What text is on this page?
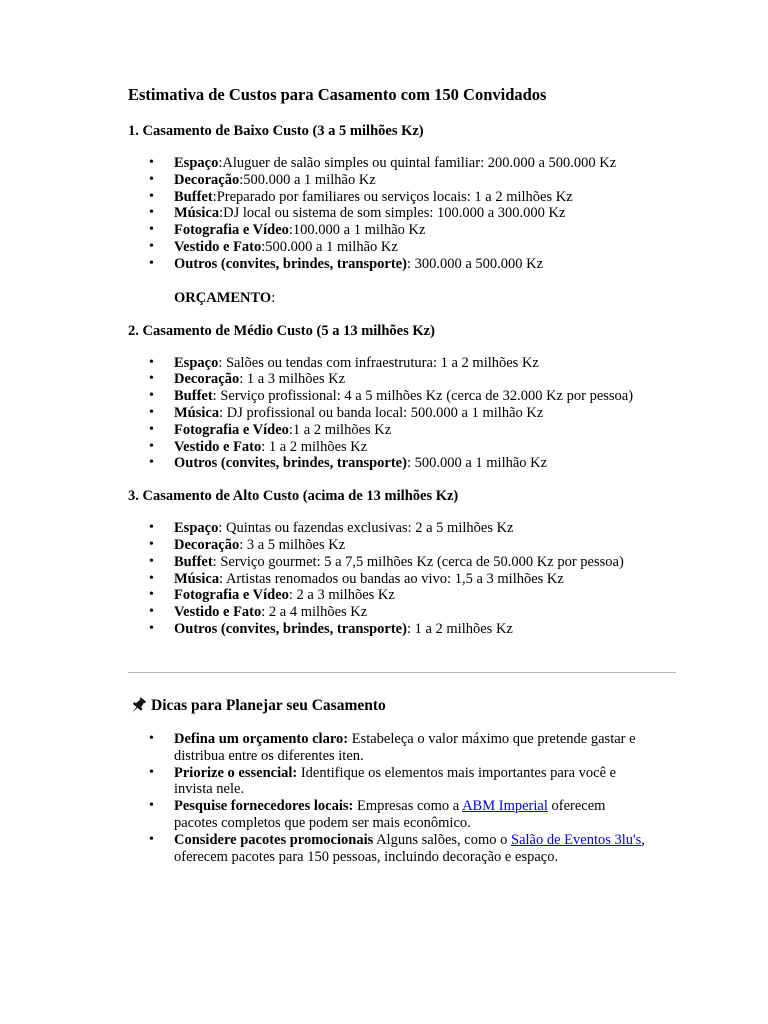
Estimativa de Custos para Casamento com 150 Convidados
1. Casamento de Baixo Custo (3 a 5 milhões Kz)
• Espaço:Aluguer de salão simples ou quintal familiar: 200.000 a 500.000 Kz
• Decoração:500.000 a 1 milhão Kz
• Buffet:Preparado por familiares ou serviços locais: 1 a 2 milhões Kz
• Música:DJ local ou sistema de som simples: 100.000 a 300.000 Kz
• Fotografia e Vídeo:100.000 a 1 milhão Kz
• Vestido e Fato:500.000 a 1 milhão Kz
• Outros (convites, brindes, transporte): 300.000 a 500.000 Kz
ORÇAMENTO:
2. Casamento de Médio Custo (5 a 13 milhões Kz)
• Espaço: Salões ou tendas com infraestrutura: 1 a 2 milhões Kz
• Decoração: 1 a 3 milhões Kz
• Buffet: Serviço profissional: 4 a 5 milhões Kz (cerca de 32.000 Kz por pessoa)
• Música: DJ profissional ou banda local: 500.000 a 1 milhão Kz
• Fotografia e Vídeo:1 a 2 milhões Kz
• Vestido e Fato: 1 a 2 milhões Kz
• Outros (convites, brindes, transporte): 500.000 a 1 milhão Kz
3. Casamento de Alto Custo (acima de 13 milhões Kz)
• Espaço: Quintas ou fazendas exclusivas: 2 a 5 milhões Kz
• Decoração: 3 a 5 milhões Kz
• Buffet: Serviço gourmet: 5 a 7,5 milhões Kz (cerca de 50.000 Kz por pessoa)
• Música: Artistas renomados ou bandas ao vivo: 1,5 a 3 milhões Kz
• Fotografia e Vídeo: 2 a 3 milhões Kz
• Vestido e Fato: 2 a 4 milhões Kz
• Outros (convites, brindes, transporte): 1 a 2 milhões Kz
Dicas para Planejar seu Casamento
• Defina um orçamento claro: Estabeleça o valor máximo que pretende gastar e distribua entre os diferentes iten.
• Priorize o essencial: Identifique os elementos mais importantes para você e invista nele.
• Pesquise fornecedores locais: Empresas como a ABM Imperial oferecem pacotes completos que podem ser mais econômico.
• Considere pacotes promocionais Alguns salões, como o Salão de Eventos 3lu's, oferecem pacotes para 150 pessoas, incluindo decoração e espaço.
